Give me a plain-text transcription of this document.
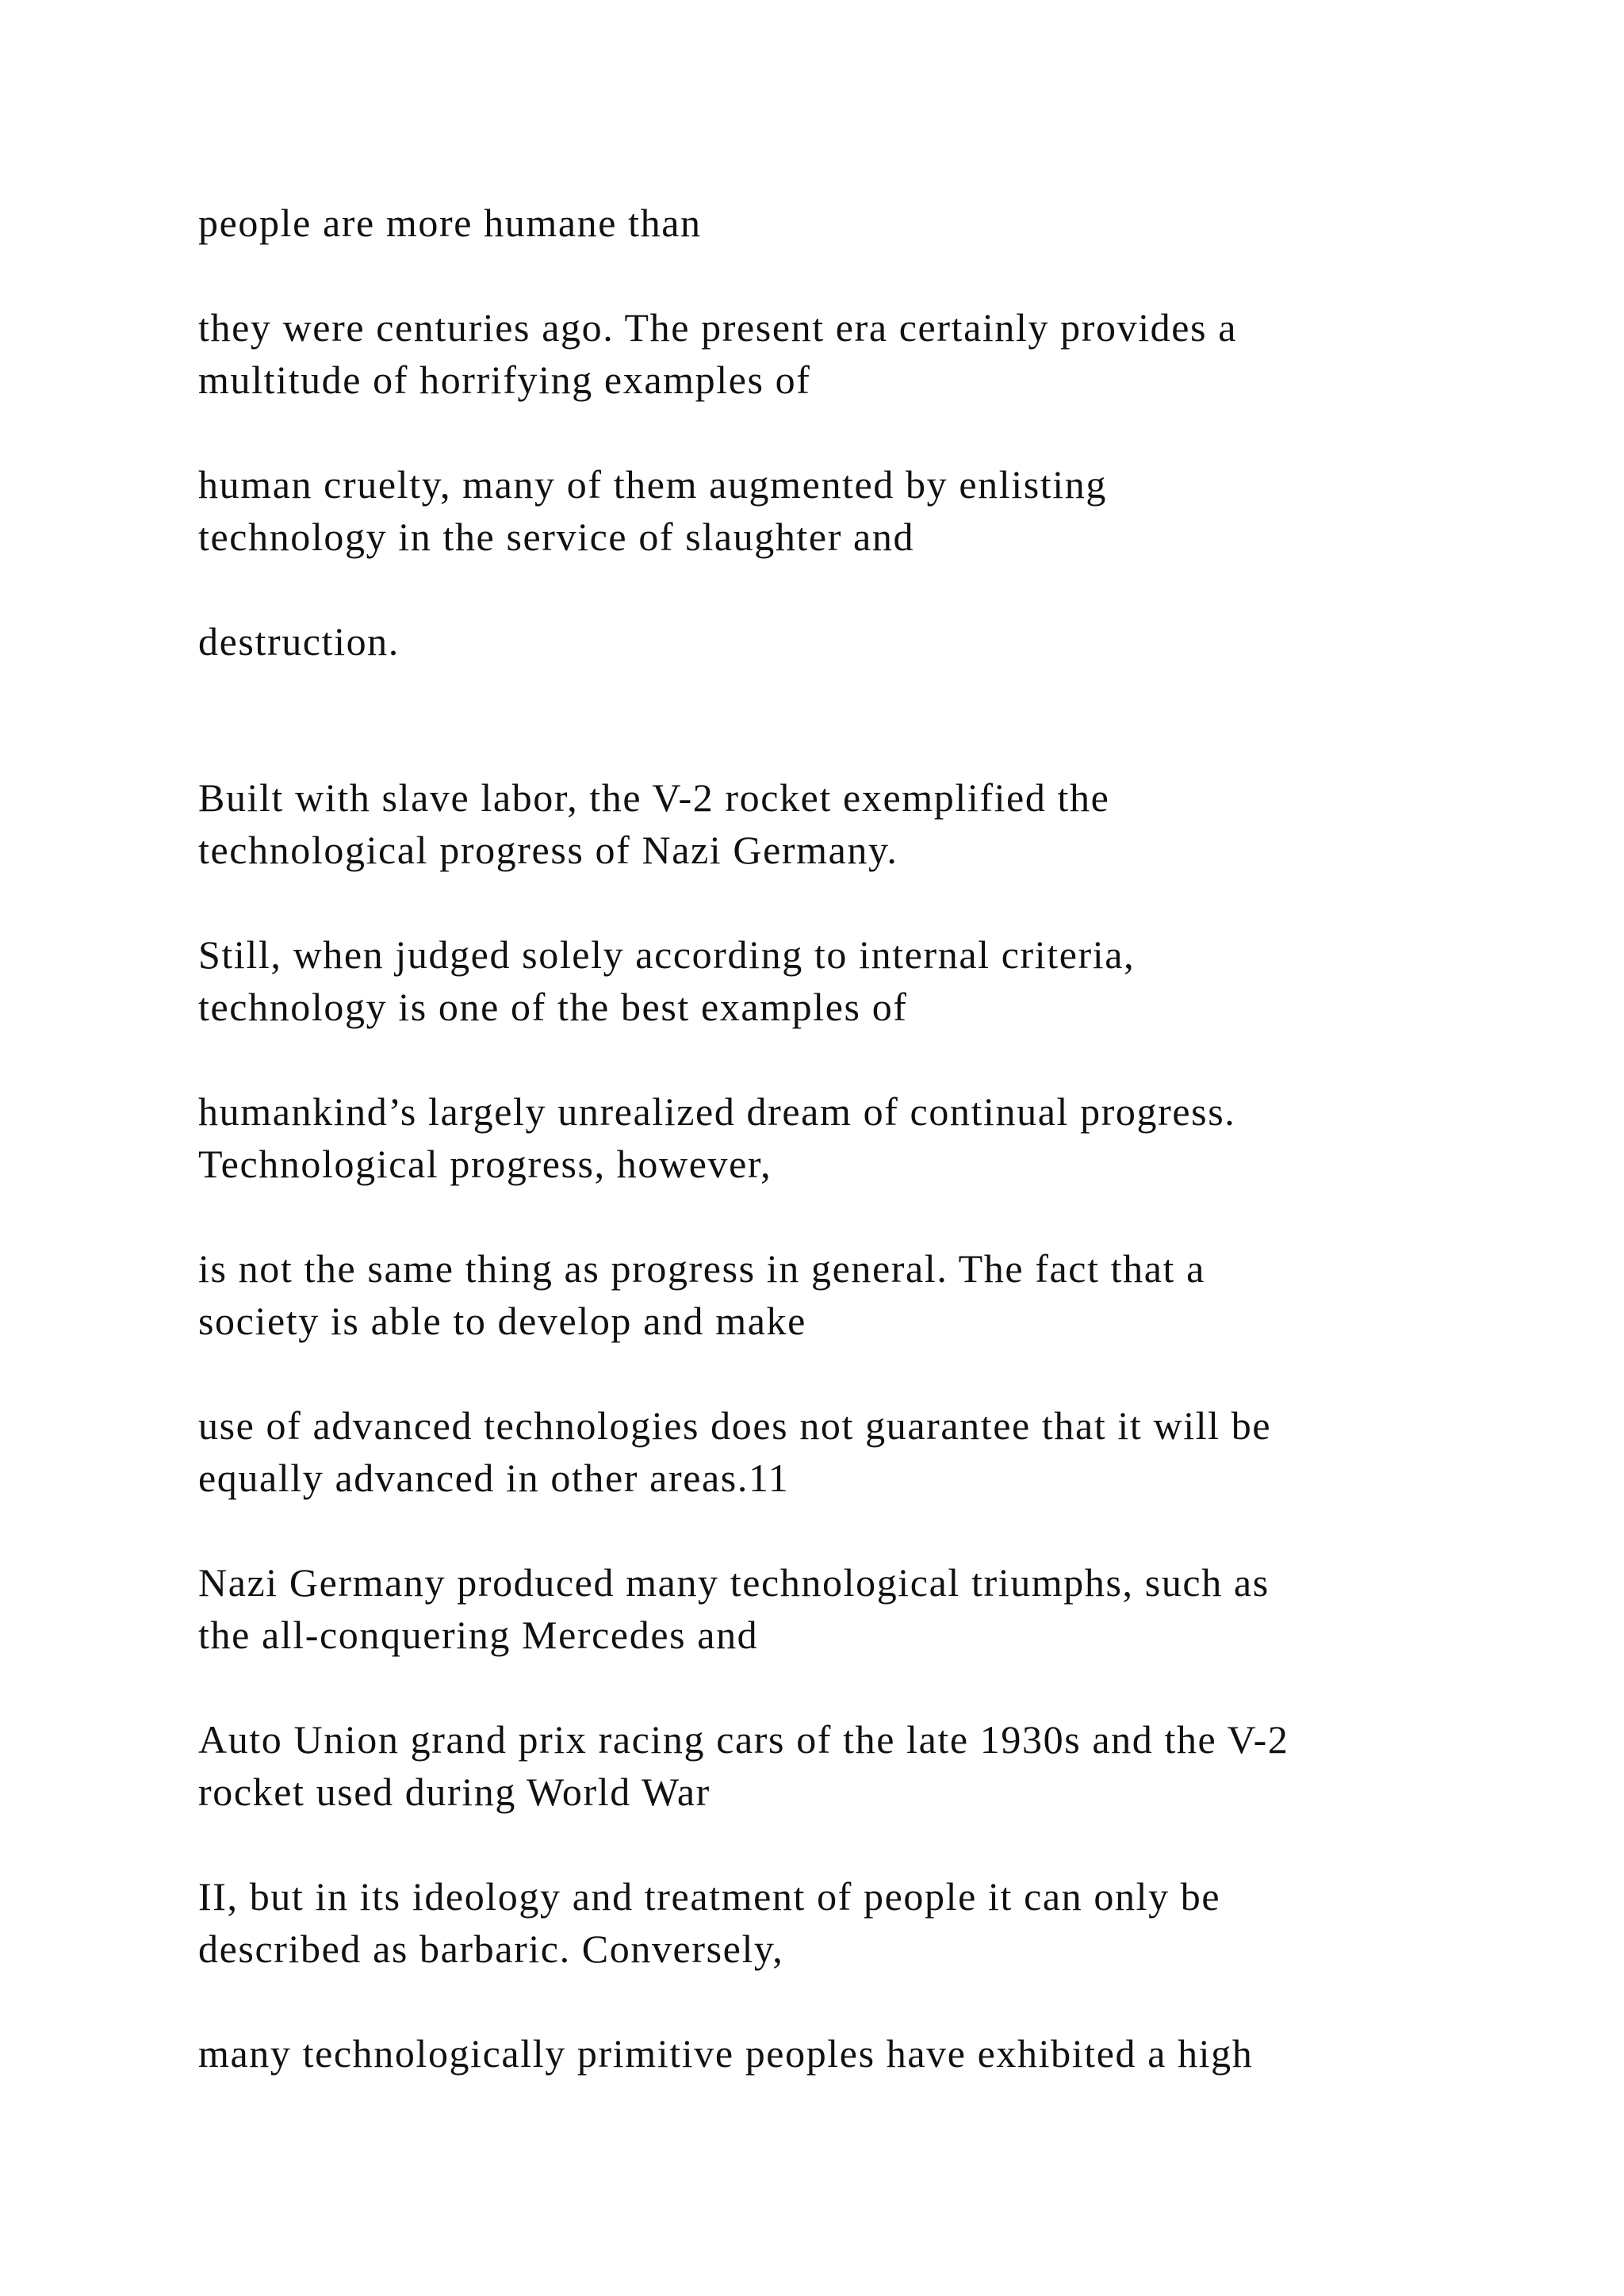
people are more humane than

they were centuries ago. The present era certainly provides a
multitude of horrifying examples of

human cruelty, many of them augmented by enlisting
technology in the service of slaughter and

destruction.

Built with slave labor, the V-2 rocket exemplified the
technological progress of Nazi Germany.

Still, when judged solely according to internal criteria,
technology is one of the best examples of

humankind’s largely unrealized dream of continual progress.
Technological progress, however,

is not the same thing as progress in general. The fact that a
society is able to develop and make

use of advanced technologies does not guarantee that it will be
equally advanced in other areas.11

Nazi Germany produced many technological triumphs, such as
the all-conquering Mercedes and

Auto Union grand prix racing cars of the late 1930s and the V-2
rocket used during World War

II, but in its ideology and treatment of people it can only be
described as barbaric. Conversely,

many technologically primitive peoples have exhibited a high
